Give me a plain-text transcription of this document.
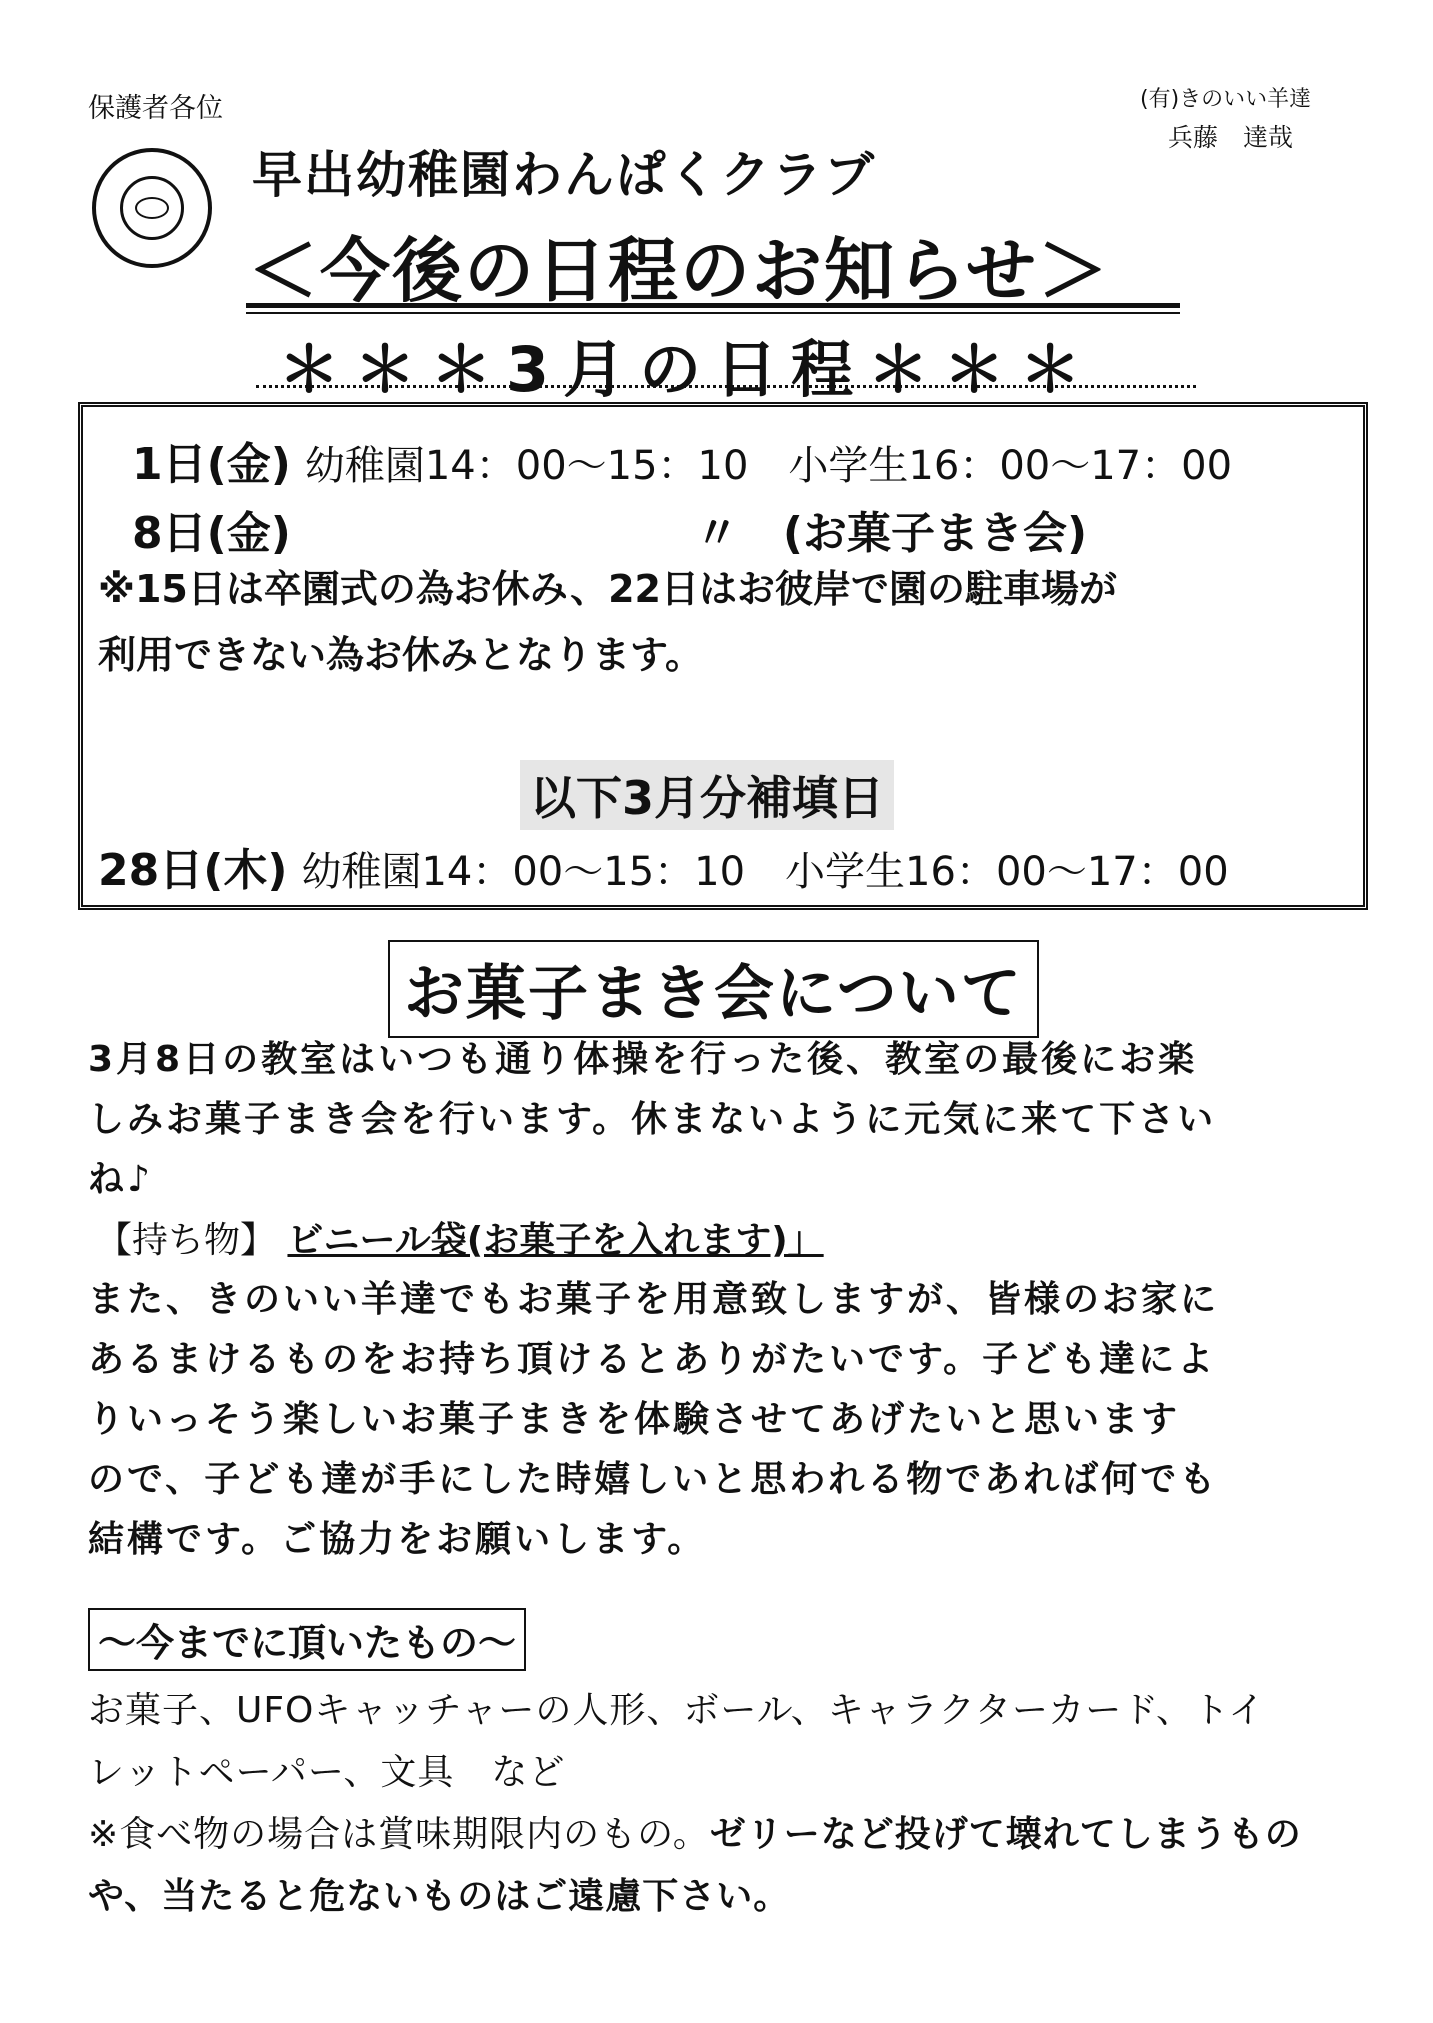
保護者各位	(有)きのいい羊達
兵藤　達哉
早出幼稚園わんぱくクラブ
＜今後の日程のお知らせ＞
＊＊＊3月の日程＊＊＊
1日(金) 幼稚園14：00～15：10　小学生16：00～17：00
8日(金)	〃　(お菓子まき会)
※15日は卒園式の為お休み、22日はお彼岸で園の駐車場が
利用できない為お休みとなります。
以下3月分補填日
28日(木) 幼稚園14：00～15：10　小学生16：00～17：00
お菓子まき会について
3月8日の教室はいつも通り体操を行った後、教室の最後にお楽
しみお菓子まき会を行います。休まないように元気に来て下さい
ね♪
【持ち物】 ビニール袋(お菓子を入れます)」
また、きのいい羊達でもお菓子を用意致しますが、皆様のお家に
あるまけるものをお持ち頂けるとありがたいです。子ども達によ
りいっそう楽しいお菓子まきを体験させてあげたいと思います
ので、子ども達が手にした時嬉しいと思われる物であれば何でも
結構です。ご協力をお願いします。
～今までに頂いたもの～
お菓子、UFOキャッチャーの人形、ボール、キャラクターカード、トイ
レットペーパー、文具　など
※食べ物の場合は賞味期限内のもの。ゼリーなど投げて壊れてしまうもの
や、当たると危ないものはご遠慮下さい。
